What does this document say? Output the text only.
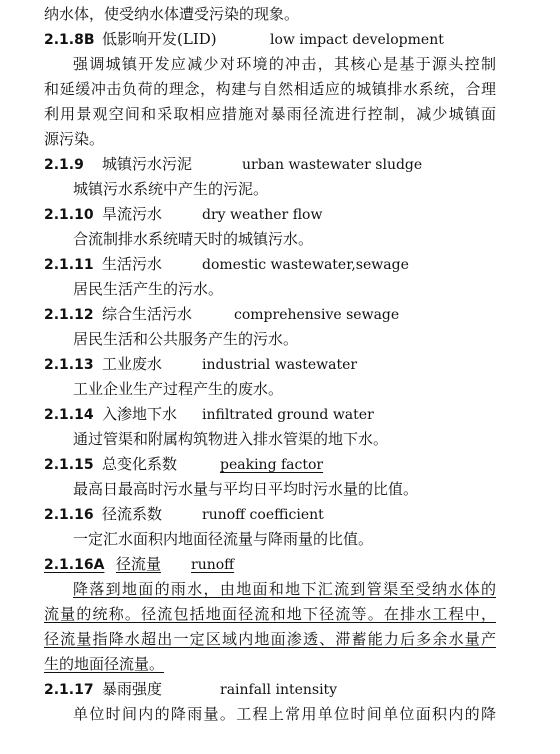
纳水体，使受纳水体遭受污染的现象。
2.1.8B 低影响开发(LID)	low impact development
强调城镇开发应减少对环境的冲击，其核心是基于源头控制
和延缓冲击负荷的理念，构建与自然相适应的城镇排水系统，合理
利用景观空间和采取相应措施对暴雨径流进行控制，减少城镇面
源污染。
2.1.9 城镇污水污泥	urban wastewater sludge
城镇污水系统中产生的污泥。
2.1.10 旱流污水	dry weather flow
合流制排水系统晴天时的城镇污水。
2.1.11 生活污水	domestic wastewater,sewage
居民生活产生的污水。
2.1.12 综合生活污水	comprehensive sewage
居民生活和公共服务产生的污水。
2.1.13 工业废水	industrial wastewater
工业企业生产过程产生的废水。
2.1.14 入渗地下水 infiltrated ground water
通过管渠和附属构筑物进入排水管渠的地下水。
2.1.15 总变化系数	peaking factor
最高日最高时污水量与平均日平均时污水量的比值。
2.1.16 径流系数	runoff coefficient
一定汇水面积内地面径流量与降雨量的比值。
2.1.16A 径流量 runoff
降落到地面的雨水，由地面和地下汇流到管渠至受纳水体的
流量的统称。径流包括地面径流和地下径流等。在排水工程中，
径流量指降水超出一定区域内地面渗透、滞蓄能力后多余水量产
生的地面径流量。
2.1.17 暴雨强度	rainfall intensity
单位时间内的降雨量。工程上常用单位时间单位面积内的降
